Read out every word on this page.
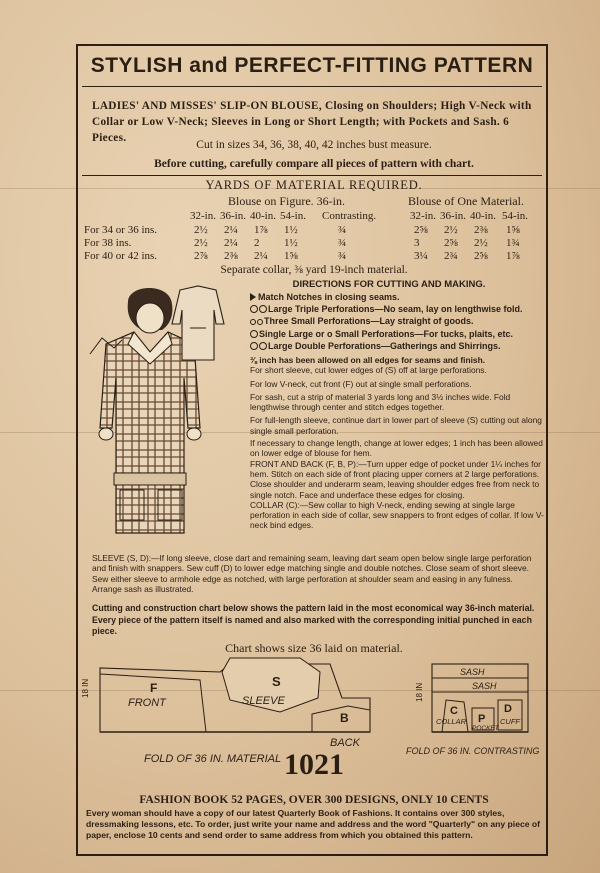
STYLISH and PERFECT-FITTING PATTERN
LADIES' AND MISSES' SLIP-ON BLOUSE, Closing on Shoulders; High V-Neck with Collar or Low V-Neck; Sleeves in Long or Short Length; with Pockets and Sash. 6 Pieces.
Cut in sizes 34, 36, 38, 40, 42 inches bust measure.
Before cutting, carefully compare all pieces of pattern with chart.
YARDS OF MATERIAL REQUIRED.
Blouse on Figure. 36-in.	Blouse of One Material.
32-in. 36-in. 40-in. 54-in. Contrasting.	32-in. 36-in. 40-in. 54-in.
For 34 or 36 ins.	2½ 2¼ 1⅞ 1½	¾	2⅝ 2½ 2⅜ 1⅝
For 38 ins.	2½ 2¼ 2 1½	¾	3 2⅝ 2½ 1¾
For 40 or 42 ins.	2⅞ 2⅜ 2¼ 1⅝	¾	3¼ 2¾ 2⅝ 1⅞
Separate collar, ⅜ yard 19-inch material.
DIRECTIONS FOR CUTTING AND MAKING.
Match Notches in closing seams.
Large Triple Perforations—No seam, lay on lengthwise fold.
Three Small Perforations—Lay straight of goods.
Single Large or o Small Perforations—For tucks, plaits, etc.
Large Double Perforations—Gatherings and Shirrings.
⅜ inch has been allowed on all edges for seams and finish.
For short sleeve, cut lower edges of (S) off at large perforations.
For low V-neck, cut front (F) out at single small perforations.
For sash, cut a strip of material 3 yards long and 3½ inches wide. Fold lengthwise through center and stitch edges together.
For full-length sleeve, continue dart in lower part of sleeve (S) cutting out along single small perforation.
If necessary to change length, change at lower edges; 1 inch has been allowed on lower edge of blouse for hem.
FRONT AND BACK (F, B, P):—Turn upper edge of pocket under 1¼ inches for hem. Stitch on each side of front placing upper corners at 2 large perforations. Close shoulder and underarm seam, leaving shoulder edges free from neck to single notch. Face and underface these edges for closing.
COLLAR (C):—Sew collar to high V-neck, ending sewing at single large perforation in each side of collar, sew snappers to front edges of collar. If low V-neck bind edges.
SLEEVE (S, D):—If long sleeve, close dart and remaining seam, leaving dart seam open below single large perforation and finish with snappers. Sew cuff (D) to lower edge matching single and double notches. Close seam of short sleeve. Sew either sleeve to armhole edge as notched, with large perforation at shoulder seam and easing in any fulness. Arrange sash as illustrated.
Cutting and construction chart below shows the pattern laid in the most economical way 36-inch material. Every piece of the pattern itself is named and also marked with the corresponding initial punched in each piece.
Chart shows size 36 laid on material.
18 IN	F
FRONT
S
SLEEVE
B
BACK
FOLD OF 36 IN. MATERIAL
18 IN
SASH
SASH
C
COLLAR P
POCKET
D
CUFF
FOLD OF 36 IN. CONTRASTING
1021
FASHION BOOK 52 PAGES, OVER 300 DESIGNS, ONLY 10 CENTS
Every woman should have a copy of our latest Quarterly Book of Fashions. It contains over 300 styles, dressmaking lessons, etc. To order, just write your name and address and the word "Quarterly" on any piece of paper, enclose 10 cents and send order to same address from which you obtained this pattern.
